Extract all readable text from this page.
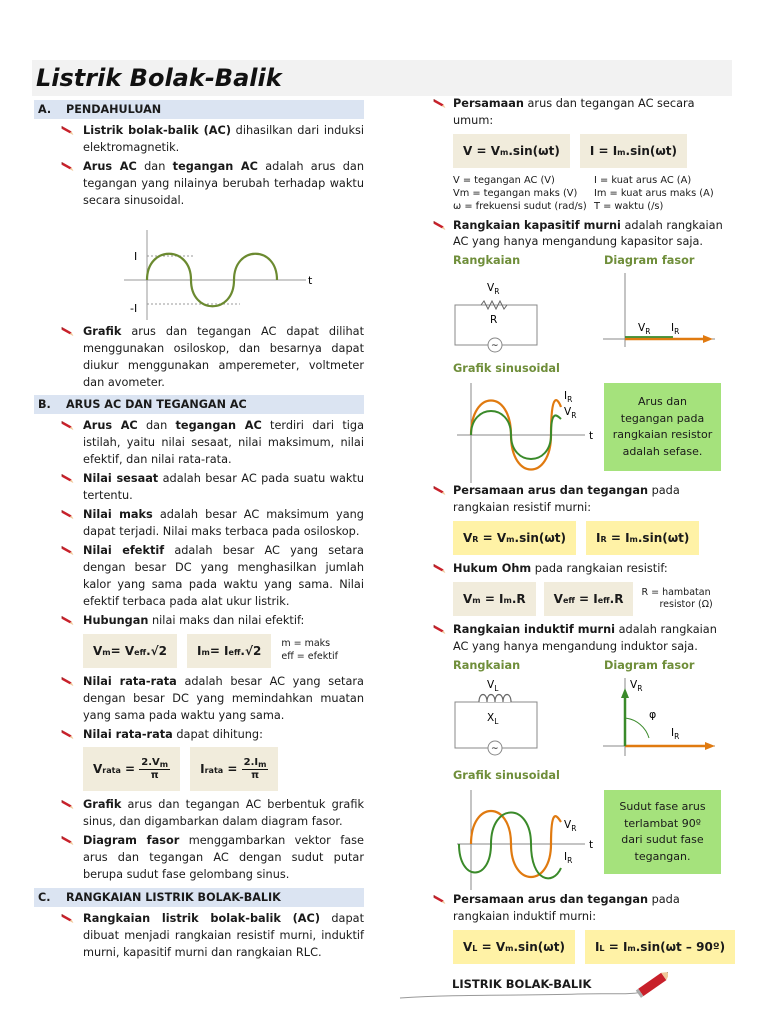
Listrik Bolak-Balik
A.	PENDAHULUAN
Listrik bolak-balik (AC) dihasilkan dari induksi elektromagnetik.
Arus AC dan tegangan AC adalah arus dan tegangan yang nilainya berubah terhadap waktu secara sinusoidal.
I
-I
t
Grafik arus dan tegangan AC dapat dilihat menggunakan osiloskop, dan besarnya dapat diukur menggunakan amperemeter, voltmeter dan avometer.
B.	ARUS AC DAN TEGANGAN AC
Arus AC dan tegangan AC terdiri dari tiga istilah, yaitu nilai sesaat, nilai maksimum, nilai efektif, dan nilai rata-rata.
Nilai sesaat adalah besar AC pada suatu waktu tertentu.
Nilai maks adalah besar AC maksimum yang dapat terjadi. Nilai maks terbaca pada osiloskop.
Nilai efektif adalah besar AC yang setara dengan besar DC yang menghasilkan jumlah kalor yang sama pada waktu yang sama. Nilai efektif terbaca pada alat ukur listrik.
Hubungan nilai maks dan nilai efektif:
$V_m = V_{eff}$ .√2	$I_m = I_{eff}$ .√2 m = maks
eff = efektif
Nilai rata-rata adalah besar AC yang setara dengan besar DC yang memindahkan muatan yang sama pada waktu yang sama.
Nilai rata-rata dapat dihitung:
$V_{rata} = \frac{2.V_m}{\pi}$	$I_{rata} = \frac{2.I_m}{\pi}$
Grafik arus dan tegangan AC berbentuk grafik sinus, dan digambarkan dalam diagram fasor.
Diagram fasor menggambarkan vektor fase arus dan tegangan AC dengan sudut putar berupa sudut fase gelombang sinus.
C.	RANGKAIAN LISTRIK BOLAK-BALIK
Rangkaian listrik bolak-balik (AC) dapat dibuat menjadi rangkaian resistif murni, induktif murni, kapasitif murni dan rangkaian RLC.
Persamaan arus dan tegangan AC secara umum:
$V = V_m$ .sin(ωt)	$I = I_m$ .sin(ωt)
V = tegangan AC (V)	I = kuat arus AC (A)
Vm = tegangan maks (V)	Im = kuat arus maks (A)
ω = frekuensi sudut (rad/s) T = waktu (/s)
Rangkaian kapasitif murni adalah rangkaian AC yang hanya mengandung kapasitor saja.
Rangkaian	Diagram fasor
~
$V_R$
R
$V_R$ $I_R$
Grafik sinusoidal
$I_R$
$V_R$
t
Arus dan tegangan pada rangkaian resistor adalah sefase.
Persamaan arus dan tegangan pada rangkaian resistif murni:
$V_R = V_m$ .sin(ωt)	$I_R = I_m$ .sin(ωt)
Hukum Ohm pada rangkaian resistif:
$V_m = I_m$ .R $V_{eff} = I_{eff}$ .R R = hambatan
resistor (Ω)
Rangkaian induktif murni adalah rangkaian AC yang hanya mengandung induktor saja.
Rangkaian	Diagram fasor
~
$V_L$
$X_L$
$V_R$
φ
$I_R$
Grafik sinusoidal
$V_R$
$I_R$
t
Sudut fase arus terlambat 90º dari sudut fase tegangan.
Persamaan arus dan tegangan pada rangkaian induktif murni:
$V_L = V_m$ .sin(ωt)	$I_L = I_m$ .sin(ωt – 90º)
LISTRIK BOLAK-BALIK
